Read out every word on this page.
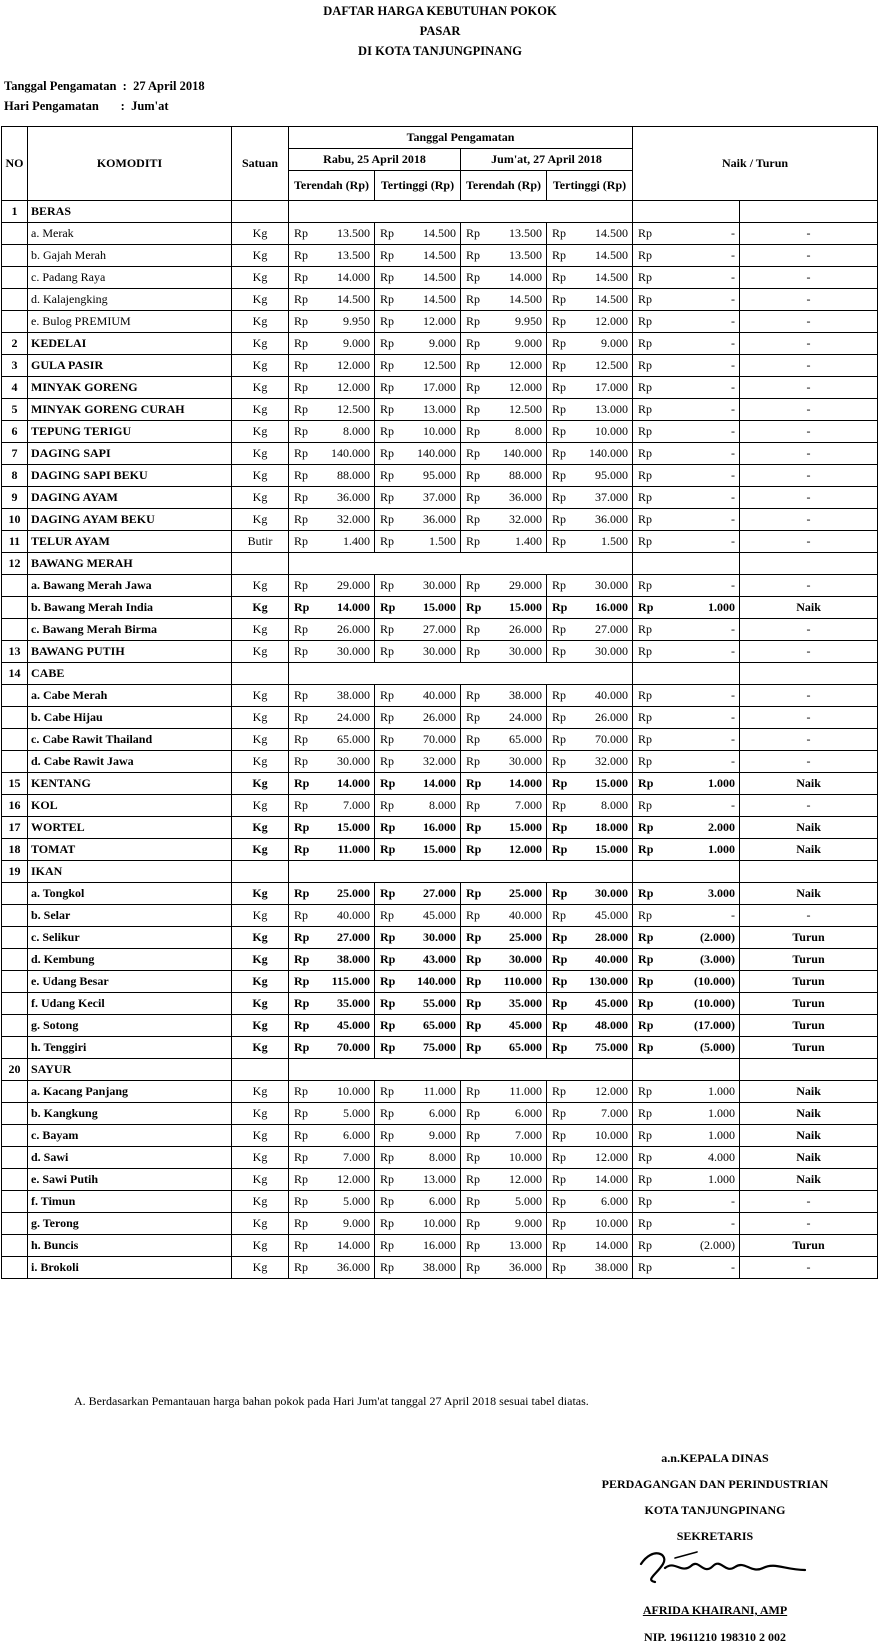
DAFTAR HARGA KEBUTUHAN POKOK
PASAR
DI KOTA TANJUNGPINANG
Tanggal Pengamatan  :  27 April 2018
Hari Pengamatan       :  Jum'at
NO	KOMODITI	Satuan	Tanggal Pengamatan								Naik / Turun		
			Rabu, 25 April 2018				Jum'at, 27 April 2018						
			Terendah (Rp)		Tertinggi (Rp)		Terendah (Rp)		Tertinggi (Rp)				
1	BERAS												
	a. Merak	Kg	Rp	13.500	Rp	14.500	Rp	13.500	Rp	14.500	Rp	-	-
	b. Gajah Merah	Kg	Rp	13.500	Rp	14.500	Rp	13.500	Rp	14.500	Rp	-	-
	c. Padang Raya	Kg	Rp	14.000	Rp	14.500	Rp	14.000	Rp	14.500	Rp	-	-
	d. Kalajengking	Kg	Rp	14.500	Rp	14.500	Rp	14.500	Rp	14.500	Rp	-	-
	e. Bulog PREMIUM	Kg	Rp	9.950	Rp	12.000	Rp	9.950	Rp	12.000	Rp	-	-
2	KEDELAI	Kg	Rp	9.000	Rp	9.000	Rp	9.000	Rp	9.000	Rp	-	-
3	GULA PASIR	Kg	Rp	12.000	Rp	12.500	Rp	12.000	Rp	12.500	Rp	-	-
4	MINYAK GORENG	Kg	Rp	12.000	Rp	17.000	Rp	12.000	Rp	17.000	Rp	-	-
5	MINYAK GORENG CURAH	Kg	Rp	12.500	Rp	13.000	Rp	12.500	Rp	13.000	Rp	-	-
6	TEPUNG TERIGU	Kg	Rp	8.000	Rp	10.000	Rp	8.000	Rp	10.000	Rp	-	-
7	DAGING SAPI	Kg	Rp	140.000	Rp	140.000	Rp	140.000	Rp	140.000	Rp	-	-
8	DAGING SAPI BEKU	Kg	Rp	88.000	Rp	95.000	Rp	88.000	Rp	95.000	Rp	-	-
9	DAGING AYAM	Kg	Rp	36.000	Rp	37.000	Rp	36.000	Rp	37.000	Rp	-	-
10	DAGING AYAM BEKU	Kg	Rp	32.000	Rp	36.000	Rp	32.000	Rp	36.000	Rp	-	-
11	TELUR AYAM	Butir	Rp	1.400	Rp	1.500	Rp	1.400	Rp	1.500	Rp	-	-
12	BAWANG MERAH												
	a. Bawang Merah Jawa	Kg	Rp	29.000	Rp	30.000	Rp	29.000	Rp	30.000	Rp	-	-
	b. Bawang Merah India	Kg	Rp	14.000	Rp	15.000	Rp	15.000	Rp	16.000	Rp	1.000	Naik
	c. Bawang Merah Birma	Kg	Rp	26.000	Rp	27.000	Rp	26.000	Rp	27.000	Rp	-	-
13	BAWANG PUTIH	Kg	Rp	30.000	Rp	30.000	Rp	30.000	Rp	30.000	Rp	-	-
14	CABE												
	a. Cabe Merah	Kg	Rp	38.000	Rp	40.000	Rp	38.000	Rp	40.000	Rp	-	-
	b. Cabe Hijau	Kg	Rp	24.000	Rp	26.000	Rp	24.000	Rp	26.000	Rp	-	-
	c. Cabe Rawit Thailand	Kg	Rp	65.000	Rp	70.000	Rp	65.000	Rp	70.000	Rp	-	-
	d. Cabe Rawit Jawa	Kg	Rp	30.000	Rp	32.000	Rp	30.000	Rp	32.000	Rp	-	-
15	KENTANG	Kg	Rp	14.000	Rp	14.000	Rp	14.000	Rp	15.000	Rp	1.000	Naik
16	KOL	Kg	Rp	7.000	Rp	8.000	Rp	7.000	Rp	8.000	Rp	-	-
17	WORTEL	Kg	Rp	15.000	Rp	16.000	Rp	15.000	Rp	18.000	Rp	2.000	Naik
18	TOMAT	Kg	Rp	11.000	Rp	15.000	Rp	12.000	Rp	15.000	Rp	1.000	Naik
19	IKAN												
	a. Tongkol	Kg	Rp	25.000	Rp	27.000	Rp	25.000	Rp	30.000	Rp	3.000	Naik
	b. Selar	Kg	Rp	40.000	Rp	45.000	Rp	40.000	Rp	45.000	Rp	-	-
	c. Selikur	Kg	Rp	27.000	Rp	30.000	Rp	25.000	Rp	28.000	Rp	(2.000)	Turun
	d. Kembung	Kg	Rp	38.000	Rp	43.000	Rp	30.000	Rp	40.000	Rp	(3.000)	Turun
	e. Udang Besar	Kg	Rp	115.000	Rp	140.000	Rp	110.000	Rp	130.000	Rp	(10.000)	Turun
	f. Udang Kecil	Kg	Rp	35.000	Rp	55.000	Rp	35.000	Rp	45.000	Rp	(10.000)	Turun
	g. Sotong	Kg	Rp	45.000	Rp	65.000	Rp	45.000	Rp	48.000	Rp	(17.000)	Turun
	h. Tenggiri	Kg	Rp	70.000	Rp	75.000	Rp	65.000	Rp	75.000	Rp	(5.000)	Turun
20	SAYUR												
	a. Kacang Panjang	Kg	Rp	10.000	Rp	11.000	Rp	11.000	Rp	12.000	Rp	1.000	Naik
	b. Kangkung	Kg	Rp	5.000	Rp	6.000	Rp	6.000	Rp	7.000	Rp	1.000	Naik
	c. Bayam	Kg	Rp	6.000	Rp	9.000	Rp	7.000	Rp	10.000	Rp	1.000	Naik
	d. Sawi	Kg	Rp	7.000	Rp	8.000	Rp	10.000	Rp	12.000	Rp	4.000	Naik
	e. Sawi Putih	Kg	Rp	12.000	Rp	13.000	Rp	12.000	Rp	14.000	Rp	1.000	Naik
	f. Timun	Kg	Rp	5.000	Rp	6.000	Rp	5.000	Rp	6.000	Rp	-	-
	g. Terong	Kg	Rp	9.000	Rp	10.000	Rp	9.000	Rp	10.000	Rp	-	-
	h. Buncis	Kg	Rp	14.000	Rp	16.000	Rp	13.000	Rp	14.000	Rp	(2.000)	Turun
	i. Brokoli	Kg	Rp	36.000	Rp	38.000	Rp	36.000	Rp	38.000	Rp	-	-
A. Berdasarkan Pemantauan harga bahan pokok pada Hari Jum'at tanggal 27 April 2018 sesuai tabel diatas.
a.n.KEPALA DINAS
PERDAGANGAN DAN PERINDUSTRIAN
KOTA TANJUNGPINANG
SEKRETARIS
AFRIDA KHAIRANI, AMP
NIP. 19611210 198310 2 002
